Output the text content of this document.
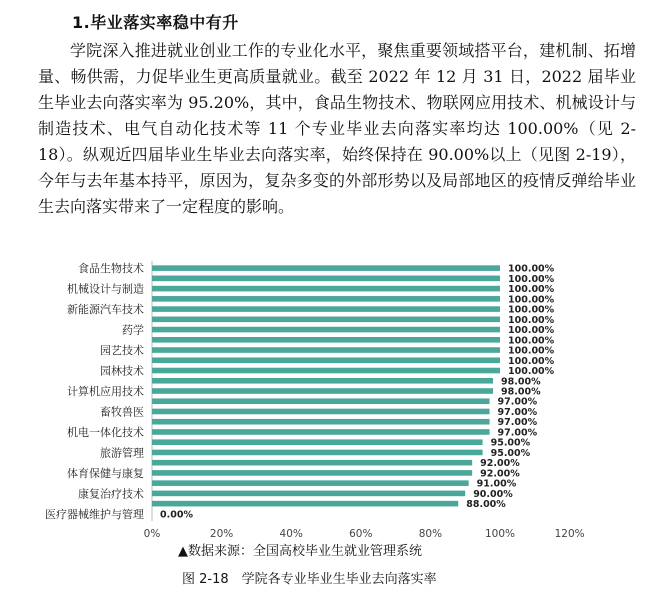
1.毕业落实率稳中有升

学院深入推进就业创业工作的专业化水平，聚焦重要领域搭平台，建机制、拓增量、畅供需，力促毕业生更高质量就业。截至 2022 年 12 月 31 日，2022 届毕业生毕业去向落实率为 95.20%，其中，食品生物技术、物联网应用技术、机械设计与制造技术、电气自动化技术等 11 个专业毕业去向落实率均达 100.00%（见 2-18）。纵观近四届毕业生毕业去向落实率，始终保持在 90.00%以上（见图 2-19），今年与去年基本持平，原因为，复杂多变的外部形势以及局部地区的疫情反弹给毕业生去向落实带来了一定程度的影响。

100.00%
100.00%
100.00%
100.00%
100.00%
100.00%
100.00%
100.00%
100.00%
100.00%
100.00%
98.00%
98.00%
97.00%
97.00%
97.00%
97.00%
95.00%
95.00%
92.00%
92.00%
91.00%
90.00%
88.00%
0.00%
食品生物技术
机械设计与制造
新能源汽车技术
药学
园艺技术
园林技术
计算机应用技术
畜牧兽医
机电一体化技术
旅游管理
体育保健与康复
康复治疗技术
医疗器械维护与管理
0%	20%	40%	60%	80%	100%	120%
▲数据来源：全国高校毕业生就业管理系统
图 2-18　学院各专业毕业生毕业去向落实率
